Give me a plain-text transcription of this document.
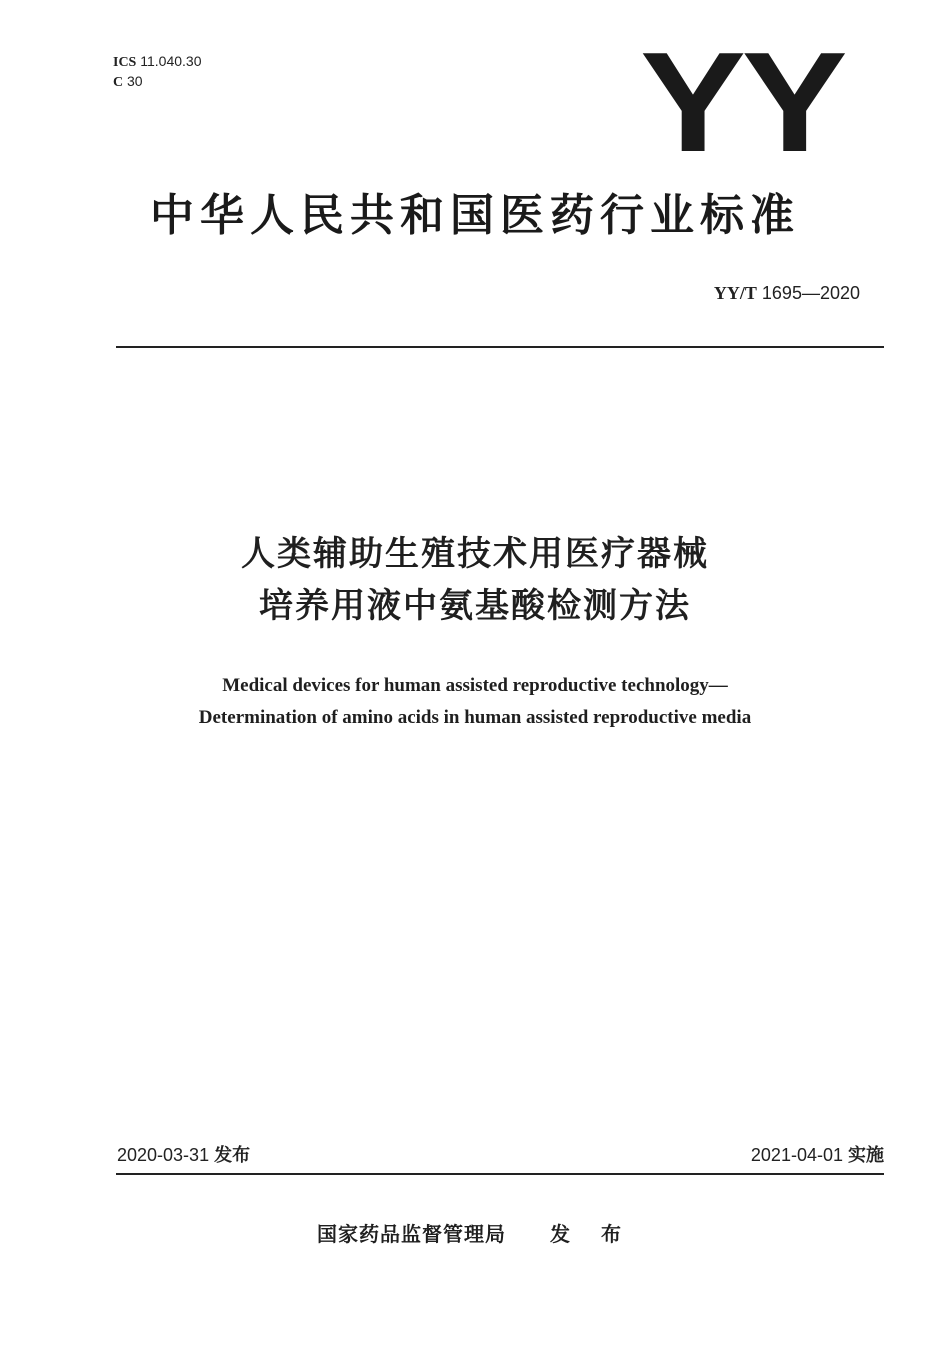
ICS 11.040.30
C 30	YY
中华人民共和国医药行业标准
YY/T 1695—2020
人类辅助生殖技术用医疗器械
培养用液中氨基酸检测方法
Medical devices for human assisted reproductive technology—
Determination of amino acids in human assisted reproductive media
2020-03-31 发布	2021-04-01 实施
国家药品监督管理局 发 布
